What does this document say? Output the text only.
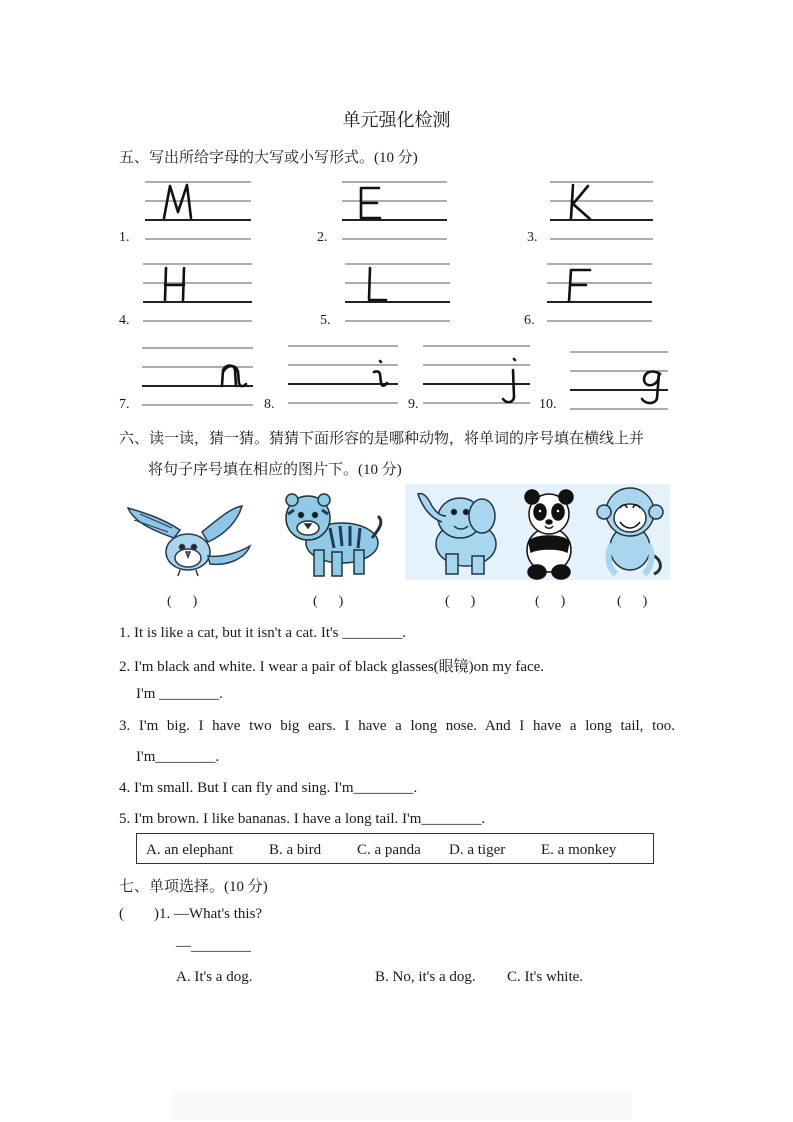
单元强化检测
五、写出所给字母的大写或小写形式。(10 分)
1.	2.	3.
4.	5.	6.
7.	8.	9.	10.
六、读一读，猜一猜。猜猜下面形容的是哪种动物，将单词的序号填在横线上并
将句子序号填在相应的图片下。(10 分)
(      )	(      )	(      )	(      )	(      )
1. It is like a cat, but it isn't a cat. It's ________.
2. I'm black and white. I wear a pair of black glasses(眼镜)on my face.
I'm ________.
3. I'm big. I have two big ears. I have a long nose. And I have a long tail, too.
I'm________.
4. I'm small. But I can fly and sing. I'm________.
5. I'm brown. I like bananas. I have a long tail. I'm________.
A. an elephant B. a bird C. a panda D. a tiger E. a monkey
七、单项选择。(10 分)
(        )1. —What's this?
—________
A. It's a dog.	B. No, it's a dog. C. It's white.
